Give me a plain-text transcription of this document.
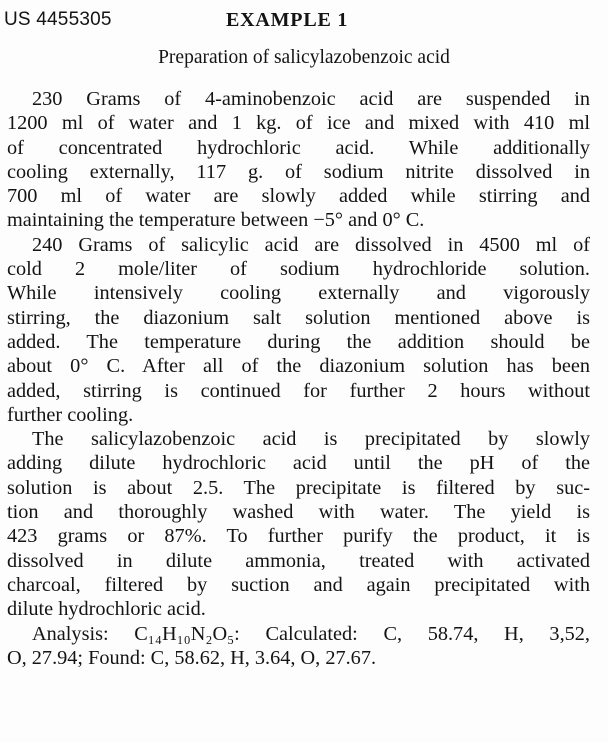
US 4455305	EXAMPLE 1
Preparation of salicylazobenzoic acid
230 Grams of 4-aminobenzoic acid are suspended in
1200 ml of water and 1 kg. of ice and mixed with 410 ml
of concentrated hydrochloric acid. While additionally
cooling externally, 117 g. of sodium nitrite dissolved in
700 ml of water are slowly added while stirring and
maintaining the temperature between −5° and 0° C.
240 Grams of salicylic acid are dissolved in 4500 ml of
cold 2 mole/liter of sodium hydrochloride solution.
While intensively cooling externally and vigorously
stirring, the diazonium salt solution mentioned above is
added. The temperature during the addition should be
about 0° C. After all of the diazonium solution has been
added, stirring is continued for further 2 hours without
further cooling.
The salicylazobenzoic acid is precipitated by slowly
adding dilute hydrochloric acid until the pH of the
solution is about 2.5. The precipitate is filtered by suc-
tion and thoroughly washed with water. The yield is
423 grams or 87%. To further purify the product, it is
dissolved in dilute ammonia, treated with activated
charcoal, filtered by suction and again precipitated with
dilute hydrochloric acid.
Analysis: C₁₄H₁₀N₂O₅: Calculated: C, 58.74, H, 3,52,
O, 27.94; Found: C, 58.62, H, 3.64, O, 27.67.
